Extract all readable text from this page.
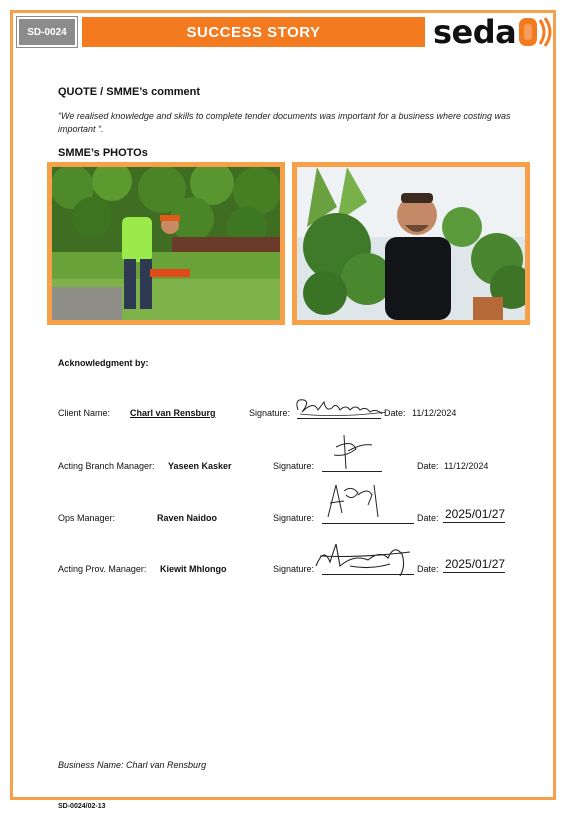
SD-0024	SUCCESS STORY	seda
QUOTE / SMME’s comment
“We realised knowledge and skills to complete tender documents was important for a business where costing was important “.
SMME’s PHOTOs
Acknowledgment by:
Client Name: Charl van Rensburg	Signature:	Date: 11/12/2024
Acting Branch Manager: Yaseen Kasker	Signature:	Date: 11/12/2024
Ops Manager:	Raven Naidoo	Signature:	Date: 2025/01/27
Acting Prov. Manager: Kiewit Mhlongo	Signature:	Date: 2025/01/27
Business Name: Charl van Rensburg
SD-0024/02-13
